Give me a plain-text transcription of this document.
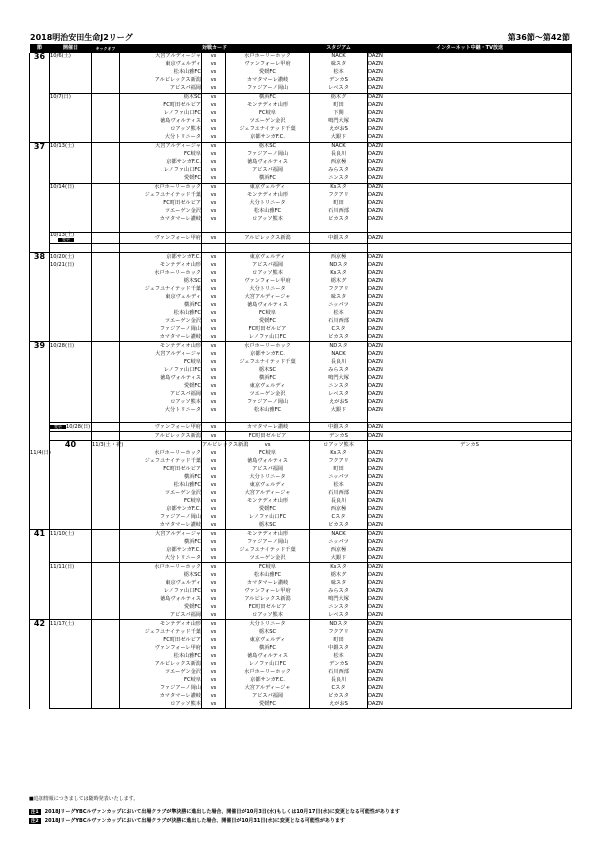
2018明治安田生命J2リーグ	第36節～第42節
節	開催日	キックオフ	対戦カード			スタジアム	インターネット中継・TV放送	
36	10/6(土)		大宮アルディージャ	vs	水戸ホーリーホック	NACK	DAZN	
			東京ヴェルディ	vs	ヴァンフォーレ甲府	味スタ	DAZN	
			松本山雅FC	vs	愛媛FC	松本	DAZN	
			アルビレックス新潟	vs	カマタマーレ讃岐	デンカS	DAZN	
			アビスパ福岡	vs	ファジアーノ岡山	レベスタ	DAZN	
	10/7(日)		栃木SC	vs	横浜FC	栃木グ	DAZN	
			FC町田ゼルビア	vs	モンテディオ山形	町田	DAZN	
			レノファ山口FC	vs	FC岐阜	下関	DAZN	
			徳島ヴォルティス	vs	ツエーゲン金沢	鳴門大塚	DAZN	
			ロアッソ熊本	vs	ジェフユナイテッド千葉	えがおS	DAZN	
			大分トリニータ	vs	京都サンガF.C.	大銀ド	DAZN	
37	10/13(土)		大宮アルディージャ	vs	栃木SC	NACK	DAZN	
			FC岐阜	vs	ファジアーノ岡山	長良川	DAZN	
			京都サンガF.C.	vs	徳島ヴォルティス	西京極	DAZN	
			レノファ山口FC	vs	アビスパ福岡	みらスタ	DAZN	
			愛媛FC	vs	横浜FC	ニンスタ	DAZN	
	10/14(日)		水戸ホーリーホック	vs	東京ヴェルディ	Ksスタ	DAZN	
			ジェフユナイテッド千葉	vs	モンテディオ山形	フクアリ	DAZN	
			FC町田ゼルビア	vs	大分トリニータ	町田	DAZN	
			ツエーゲン金沢	vs	松本山雅FC	石川西部	DAZN	
			カマタマーレ讃岐	vs	ロアッソ熊本	ピカスタ	DAZN	

	10/13(土)
変更		ヴァンフォーレ甲府	vs	アルビレックス新潟	中銀スタ	DAZN	

38	10/20(土)		京都サンガF.C.	vs	東京ヴェルディ	西京極	DAZN	
	10/21(日)		モンテディオ山形	vs	アビスパ福岡	NDスタ	DAZN	
			水戸ホーリーホック	vs	ロアッソ熊本	Ksスタ	DAZN	
			栃木SC	vs	ヴァンフォーレ甲府	栃木グ	DAZN	
			ジェフユナイテッド千葉	vs	大分トリニータ	フクアリ	DAZN	
			東京ヴェルディ	vs	大宮アルディージャ	味スタ	DAZN	
			横浜FC	vs	徳島ヴォルティス	ニッパツ	DAZN	
			松本山雅FC	vs	FC岐阜	松本	DAZN	
			ツエーゲン金沢	vs	愛媛FC	石川西部	DAZN	
			ファジアーノ岡山	vs	FC町田ゼルビア	Cスタ	DAZN	
			カマタマーレ讃岐	vs	レノファ山口FC	ピカスタ	DAZN	
39	10/28(日)		モンテディオ山形	vs	水戸ホーリーホック	NDスタ	DAZN	
			大宮アルディージャ	vs	京都サンガF.C.	NACK	DAZN	
			FC岐阜	vs	ジェフユナイテッド千葉	長良川	DAZN	
			レノファ山口FC	vs	栃木SC	みらスタ	DAZN	
			徳島ヴォルティス	vs	横浜FC	鳴門大塚	DAZN	
			愛媛FC	vs	東京ヴェルディ	ニンスタ	DAZN	
			アビスパ福岡	vs	ツエーゲン金沢	レベスタ	DAZN	
			ロアッソ熊本	vs	ファジアーノ岡山	えがおS	DAZN	
			大分トリニータ	vs	松本山雅FC	大銀ド	DAZN	

	変更 10/28(日)		ヴァンフォーレ甲府	vs	カマタマーレ讃岐	中銀スタ	DAZN	
			アルビレックス新潟	vs	FC町田ゼルビア	デンカS	DAZN	
	40	11/3(土・祝)		アルビレックス新潟	vs	ロアッソ熊本	デンカS	
11/4(日)			水戸ホーリーホック	vs	FC岐阜	Ksスタ	DAZN	
			ジェフユナイテッド千葉	vs	徳島ヴォルティス	フクアリ	DAZN	
			FC町田ゼルビア	vs	アビスパ福岡	町田	DAZN	
			横浜FC	vs	大分トリニータ	ニッパツ	DAZN	
			松本山雅FC	vs	東京ヴェルディ	松本	DAZN	
			ツエーゲン金沢	vs	大宮アルディージャ	石川西部	DAZN	
			FC岐阜	vs	モンテディオ山形	長良川	DAZN	
			京都サンガF.C.	vs	愛媛FC	西京極	DAZN	
			ファジアーノ岡山	vs	レノファ山口FC	Cスタ	DAZN	
			カマタマーレ讃岐	vs	栃木SC	ピカスタ	DAZN	
41	11/10(土)		大宮アルディージャ	vs	モンテディオ山形	NACK	DAZN	
			横浜FC	vs	ファジアーノ岡山	ニッパツ	DAZN	
			京都サンガF.C.	vs	ジェフユナイテッド千葉	西京極	DAZN	
			大分トリニータ	vs	ツエーゲン金沢	大銀ド	DAZN	
	11/11(日)		水戸ホーリーホック	vs	FC岐阜	Ksスタ	DAZN	
			栃木SC	vs	松本山雅FC	栃木グ	DAZN	
			東京ヴェルディ	vs	カマタマーレ讃岐	味スタ	DAZN	
			レノファ山口FC	vs	ヴァンフォーレ甲府	みらスタ	DAZN	
			徳島ヴォルティス	vs	アルビレックス新潟	鳴門大塚	DAZN	
			愛媛FC	vs	FC町田ゼルビア	ニンスタ	DAZN	
			アビスパ福岡	vs	ロアッソ熊本	レベスタ	DAZN	
42	11/17(土)		モンテディオ山形	vs	大分トリニータ	NDスタ	DAZN	
			ジェフユナイテッド千葉	vs	栃木SC	フクアリ	DAZN	
			FC町田ゼルビア	vs	東京ヴェルディ	町田	DAZN	
			ヴァンフォーレ甲府	vs	横浜FC	中銀スタ	DAZN	
			松本山雅FC	vs	徳島ヴォルティス	松本	DAZN	
			アルビレックス新潟	vs	レノファ山口FC	デンカS	DAZN	
			ツエーゲン金沢	vs	水戸ホーリーホック	石川西部	DAZN	
			FC岐阜	vs	京都サンガF.C.	長良川	DAZN	
			ファジアーノ岡山	vs	大宮アルディージャ	Cスタ	DAZN	
			カマタマーレ讃岐	vs	アビスパ福岡	ピカスタ	DAZN	
			ロアッソ熊本	vs	愛媛FC	えがおS	DAZN	
■追加情報につきましては随時発表いたします。
注1 2018JリーグYBCルヴァンカップにおいて出場クラブが準決勝に進出した場合、開催日が10月3日(水)もしくは10月17日(水)に変更となる可能性があります
注2 2018JリーグYBCルヴァンカップにおいて出場クラブが決勝に進出した場合、開催日が10月31日(水)に変更となる可能性があります
